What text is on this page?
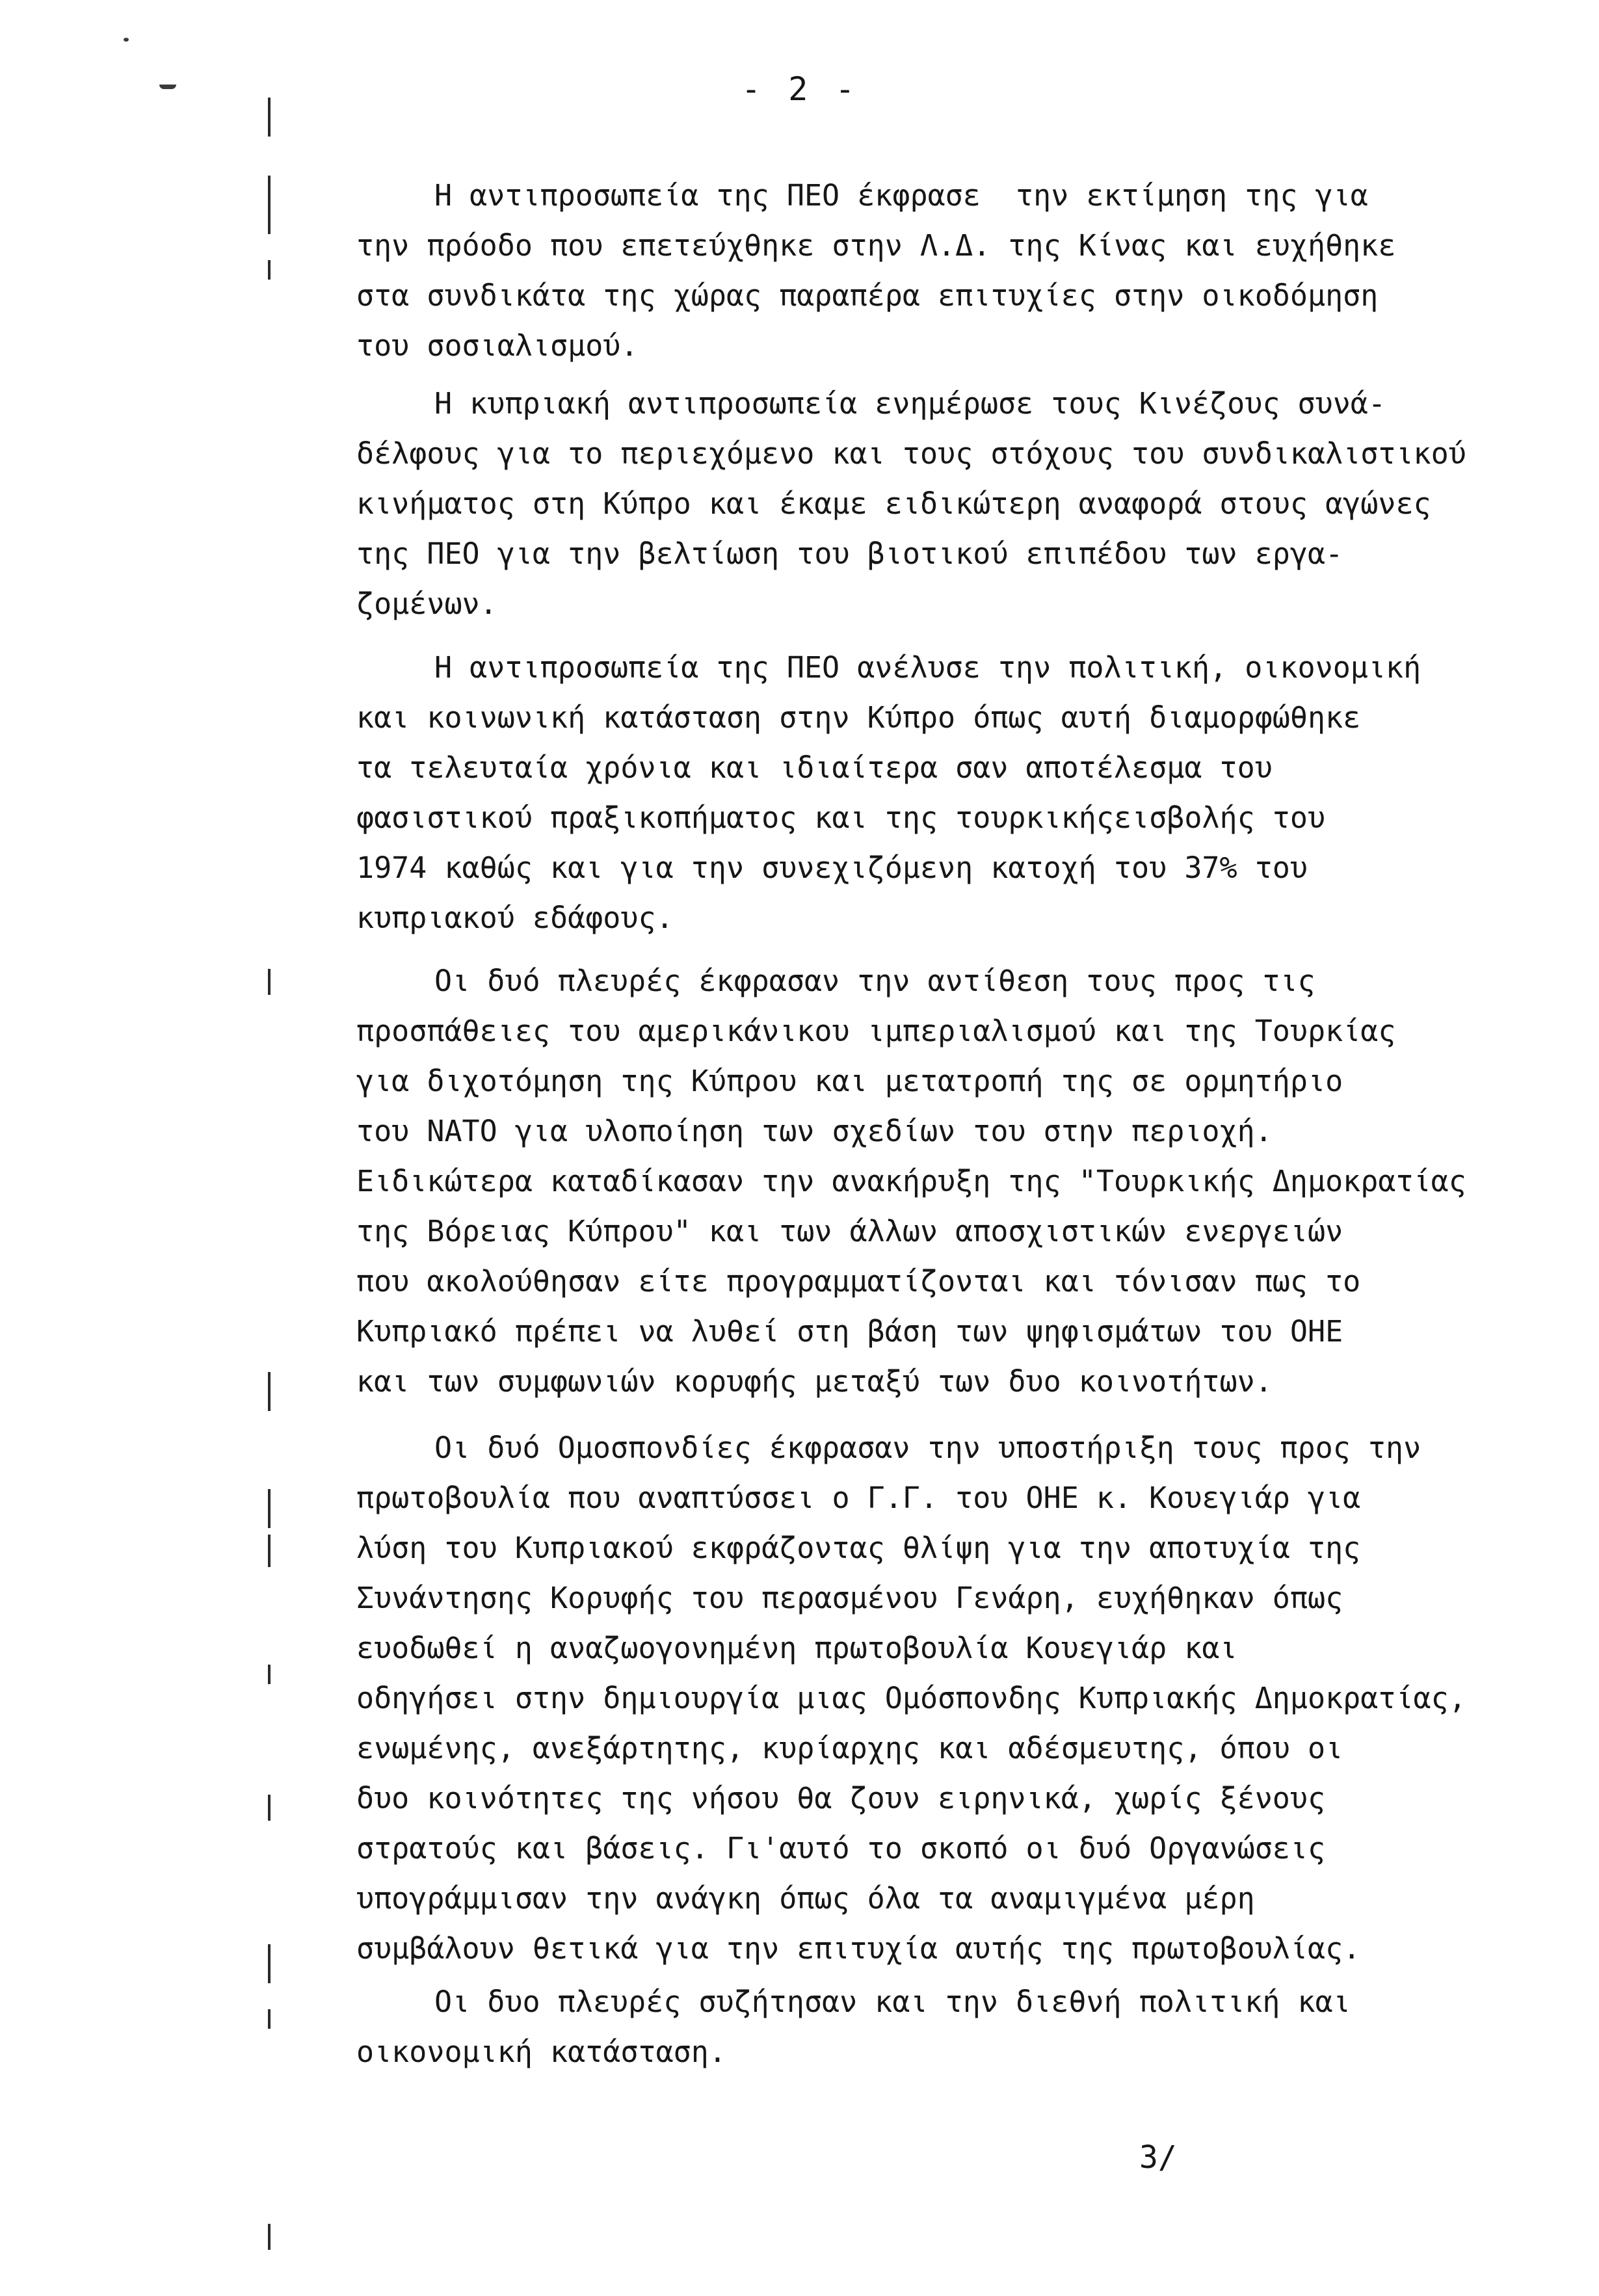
- 2 -
Η αντιπροσωπεία της ΠΕΟ έκφρασε  την εκτίμηση της για
την πρόοδο που επετεύχθηκε στην Λ.Δ. της Κίνας και ευχήθηκε
στα συνδικάτα της χώρας παραπέρα επιτυχίες στην οικοδόμηση
του σοσιαλισμού.
Η κυπριακή αντιπροσωπεία ενημέρωσε τους Κινέζους συνά-
δέλφους για το περιεχόμενο και τους στόχους του συνδικαλιστικού
κινήματος στη Κύπρο και έκαμε ειδικώτερη αναφορά στους αγώνες
της ΠΕΟ για την βελτίωση του βιοτικού επιπέδου των εργα-
ζομένων.
Η αντιπροσωπεία της ΠΕΟ ανέλυσε την πολιτική, οικονομική
και κοινωνική κατάσταση στην Κύπρο όπως αυτή διαμορφώθηκε
τα τελευταία χρόνια και ιδιαίτερα σαν αποτέλεσμα του
φασιστικού πραξικοπήματος και της τουρκικήςεισβολής του
1974 καθώς και για την συνεχιζόμενη κατοχή του 37% του
κυπριακού εδάφους.
Οι δυό πλευρές έκφρασαν την αντίθεση τους προς τις
προσπάθειες του αμερικάνικου ιμπεριαλισμού και της Τουρκίας
για διχοτόμηση της Κύπρου και μετατροπή της σε ορμητήριο
του ΝΑΤΟ για υλοποίηση των σχεδίων του στην περιοχή.
Ειδικώτερα καταδίκασαν την ανακήρυξη της "Τουρκικής Δημοκρατίας
της Βόρειας Κύπρου" και των άλλων αποσχιστικών ενεργειών
που ακολούθησαν είτε προγραμματίζονται και τόνισαν πως το
Κυπριακό πρέπει να λυθεί στη βάση των ψηφισμάτων του ΟΗΕ
και των συμφωνιών κορυφής μεταξύ των δυο κοινοτήτων.
Οι δυό Ομοσπονδίες έκφρασαν την υποστήριξη τους προς την
πρωτοβουλία που αναπτύσσει ο Γ.Γ. του ΟΗΕ κ. Κουεγιάρ για
λύση του Κυπριακού εκφράζοντας θλίψη για την αποτυχία της
Συνάντησης Κορυφής του περασμένου Γενάρη, ευχήθηκαν όπως
ευοδωθεί η αναζωογονημένη πρωτοβουλία Κουεγιάρ και
οδηγήσει στην δημιουργία μιας Ομόσπονδης Κυπριακής Δημοκρατίας,
ενωμένης, ανεξάρτητης, κυρίαρχης και αδέσμευτης, όπου οι
δυο κοινότητες της νήσου θα ζουν ειρηνικά, χωρίς ξένους
στρατούς και βάσεις. Γι'αυτό το σκοπό οι δυό Οργανώσεις
υπογράμμισαν την ανάγκη όπως όλα τα αναμιγμένα μέρη
συμβάλουν θετικά για την επιτυχία αυτής της πρωτοβουλίας.
Οι δυο πλευρές συζήτησαν και την διεθνή πολιτική και
οικονομική κατάσταση.
3/
